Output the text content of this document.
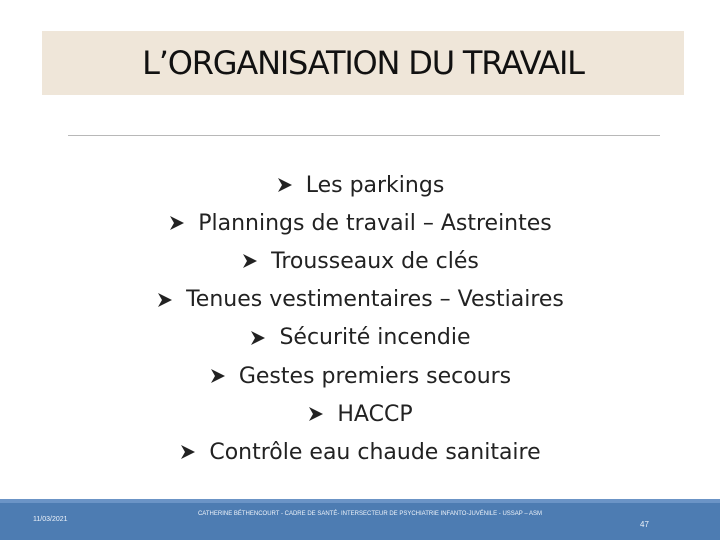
L’ORGANISATION DU TRAVAIL
Les parkings
Plannings de travail – Astreintes
Trousseaux de clés
Tenues vestimentaires – Vestiaires
Sécurité incendie
Gestes premiers secours
HACCP
Contrôle eau chaude sanitaire
11/03/2021
CATHERINE BÉTHENCOURT - CADRE DE SANTÉ- INTERSECTEUR DE PSYCHIATRIE INFANTO-JUVÉNILE - USSAP – ASM
47
